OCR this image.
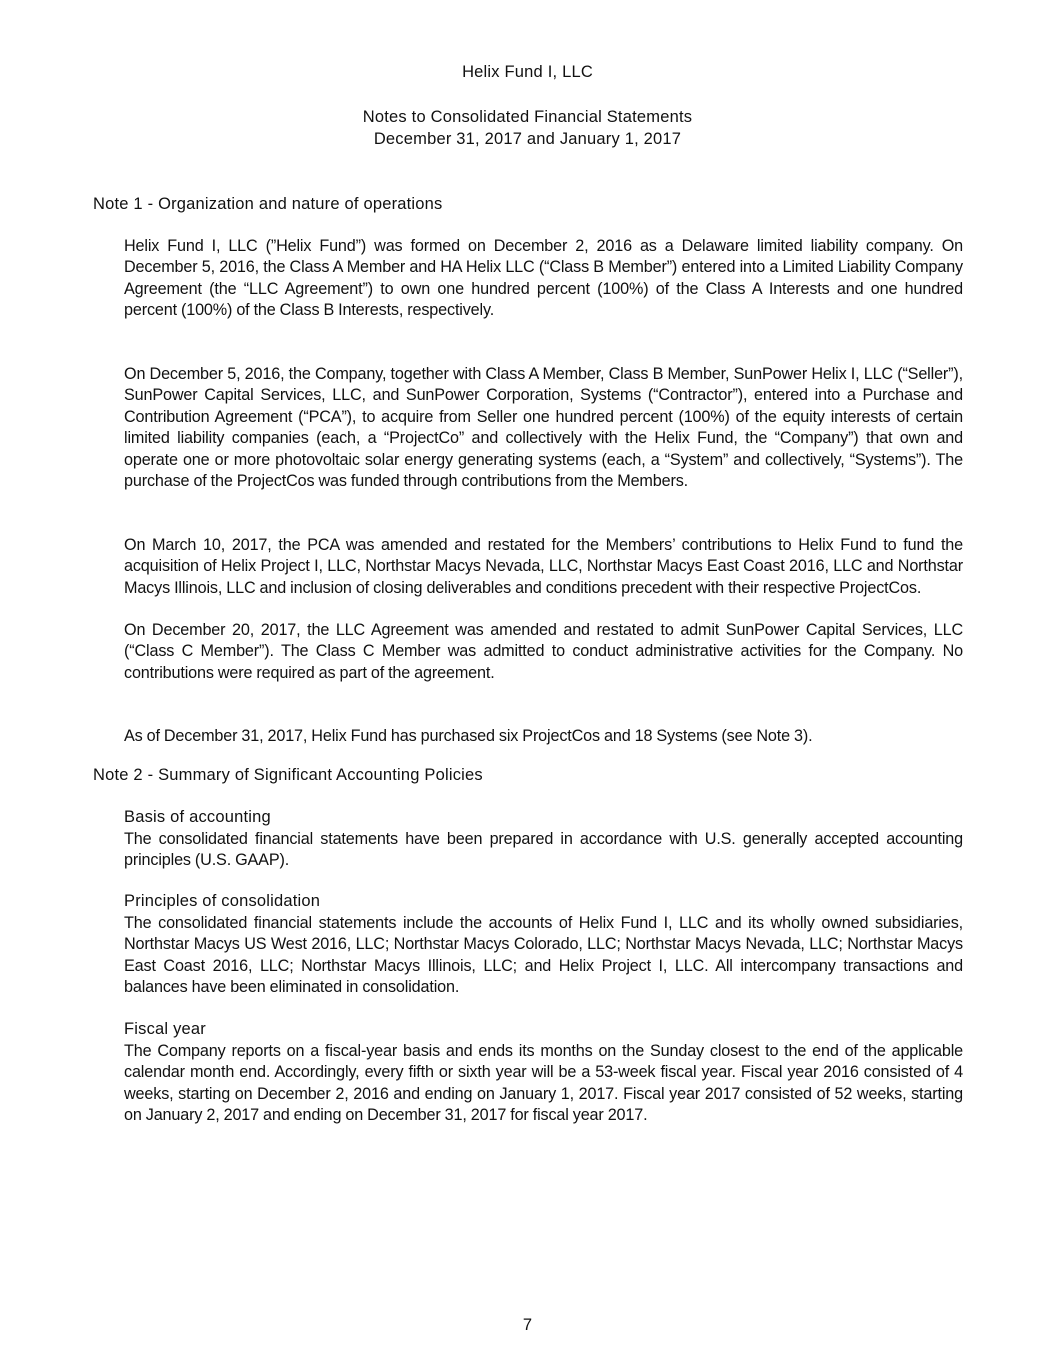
Helix Fund I, LLC
Notes to Consolidated Financial Statements
December 31, 2017 and January 1, 2017
Note 1 - Organization and nature of operations
Helix Fund I, LLC (”Helix Fund”) was formed on December 2, 2016 as a Delaware limited liability company. On December 5, 2016, the Class A Member and HA Helix LLC (“Class B Member”) entered into a Limited Liability Company Agreement (the “LLC Agreement”) to own one hundred percent (100%) of the Class A Interests and one hundred percent (100%) of the Class B Interests, respectively.
On December 5, 2016, the Company, together with Class A Member, Class B Member, SunPower Helix I, LLC (“Seller”), SunPower Capital Services, LLC, and SunPower Corporation, Systems (“Contractor”), entered into a Purchase and Contribution Agreement (“PCA”), to acquire from Seller one hundred percent (100%) of the equity interests of certain limited liability companies (each, a “ProjectCo” and collectively with the Helix Fund, the “Company”) that own and operate one or more photovoltaic solar energy generating systems (each, a “System” and collectively, “Systems”). The purchase of the ProjectCos was funded through contributions from the Members.
On March 10, 2017, the PCA was amended and restated for the Members’ contributions to Helix Fund to fund the acquisition of Helix Project I, LLC, Northstar Macys Nevada, LLC, Northstar Macys East Coast 2016, LLC and Northstar Macys Illinois, LLC and inclusion of closing deliverables and conditions precedent with their respective ProjectCos.
On December 20, 2017, the LLC Agreement was amended and restated to admit SunPower Capital Services, LLC (“Class C Member”). The Class C Member was admitted to conduct administrative activities for the Company. No contributions were required as part of the agreement.
As of December 31, 2017, Helix Fund has purchased six ProjectCos and 18 Systems (see Note 3).
Note 2 - Summary of Significant Accounting Policies
Basis of accounting
The consolidated financial statements have been prepared in accordance with U.S. generally accepted accounting principles (U.S. GAAP).
Principles of consolidation
The consolidated financial statements include the accounts of Helix Fund I, LLC and its wholly owned subsidiaries, Northstar Macys US West 2016, LLC; Northstar Macys Colorado, LLC; Northstar Macys Nevada, LLC; Northstar Macys East Coast 2016, LLC; Northstar Macys Illinois, LLC; and Helix Project I, LLC. All intercompany transactions and balances have been eliminated in consolidation.
Fiscal year
The Company reports on a fiscal-year basis and ends its months on the Sunday closest to the end of the applicable calendar month end. Accordingly, every fifth or sixth year will be a 53-week fiscal year. Fiscal year 2016 consisted of 4 weeks, starting on December 2, 2016 and ending on January 1, 2017. Fiscal year 2017 consisted of 52 weeks, starting on January 2, 2017 and ending on December 31, 2017 for fiscal year 2017.
7
